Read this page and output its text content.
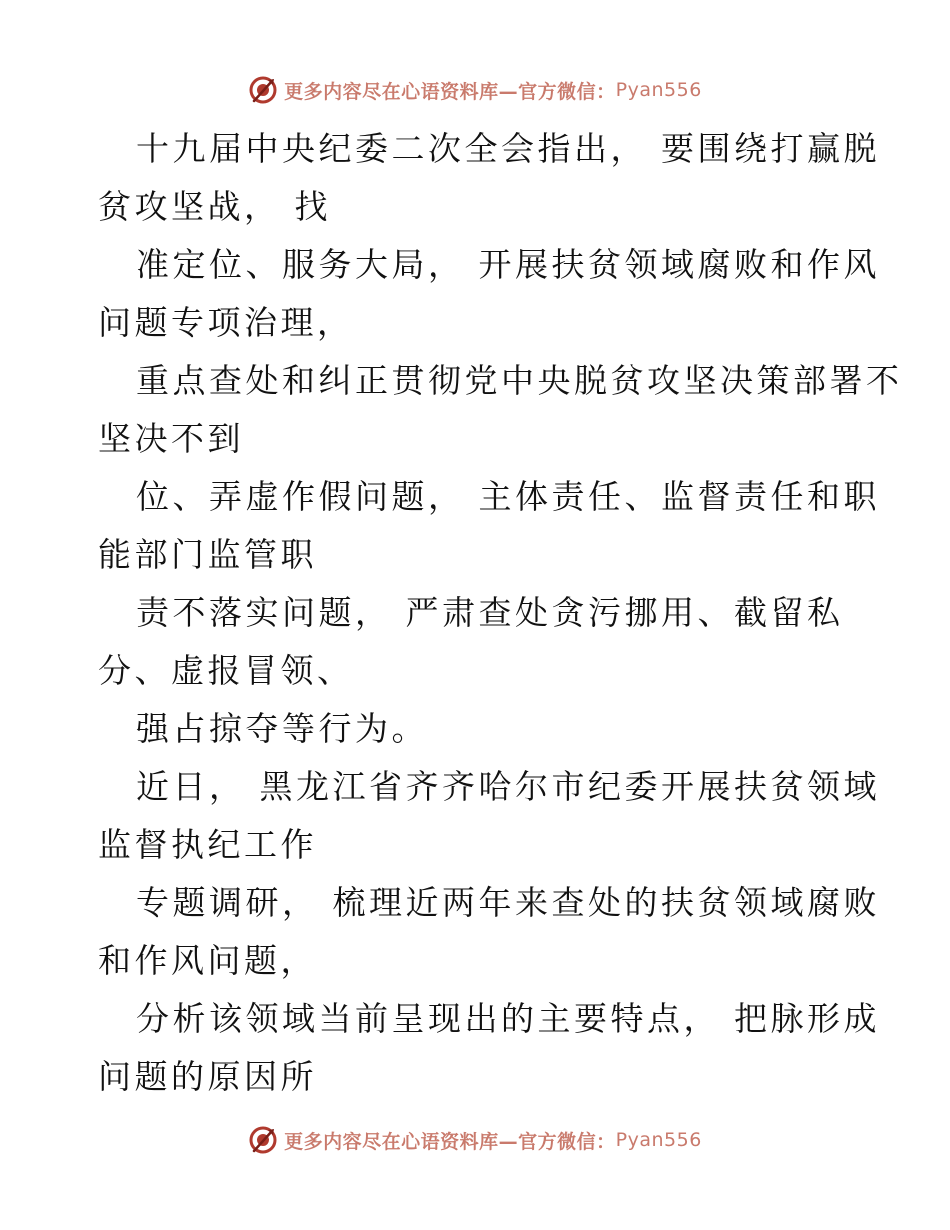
更多内容尽在心语资料库—官方微信： Pyan556
十九届中央纪委二次全会指出， 要围绕打赢脱
贫攻坚战， 找
准定位、服务大局， 开展扶贫领域腐败和作风
问题专项治理，
重点查处和纠正贯彻党中央脱贫攻坚决策部署不
坚决不到
位、弄虚作假问题， 主体责任、监督责任和职
能部门监管职
责不落实问题， 严肃查处贪污挪用、截留私
分、虚报冒领、
强占掠夺等行为。
近日， 黑龙江省齐齐哈尔市纪委开展扶贫领域
监督执纪工作
专题调研， 梳理近两年来查处的扶贫领域腐败
和作风问题，
分析该领域当前呈现出的主要特点， 把脉形成
问题的原因所
更多内容尽在心语资料库—官方微信： Pyan556
